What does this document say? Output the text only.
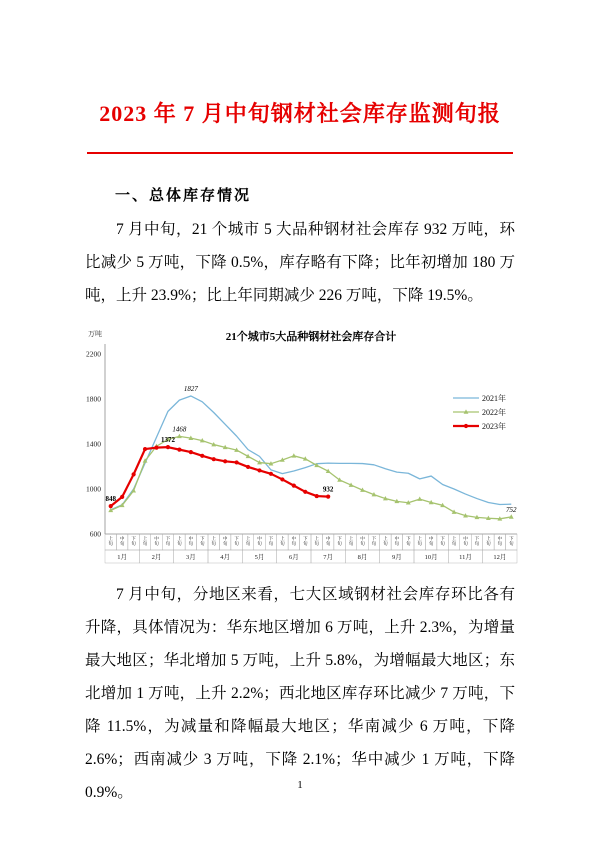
2023 年 7 月中旬钢材社会库存监测旬报
一、总体库存情况

7 月中旬，21 个城市 5 大品种钢材社会库存 932 万吨，环比减少 5 万吨，下降 0.5%，库存略有下降；比年初增加 180 万吨，上升 23.9%；比上年同期减少 226 万吨，下降 19.5%。

21个城市5大品种钢材社会库存合计
万吨
600
1000
1400
1800
2200
上旬
中旬
下旬
1月
上旬
中旬
下旬
2月
上旬
中旬
下旬
3月
上旬
中旬
下旬
4月
上旬
中旬
下旬
5月
上旬
中旬
下旬
6月
上旬
中旬
下旬
7月
上旬
中旬
下旬
8月
上旬
中旬
下旬
9月
上旬
中旬
下旬
10月
上旬
中旬
下旬
11月
上旬
中旬
下旬
12月
848
1372
932
1468
1827
752
2021年
2022年
2023年

7 月中旬，分地区来看，七大区域钢材社会库存环比各有升降，具体情况为：华东地区增加 6 万吨，上升 2.3%，为增量最大地区；华北增加 5 万吨，上升 5.8%，为增幅最大地区；东北增加 1 万吨，上升 2.2%；西北地区库存环比减少 7 万吨，下降 11.5%，为减量和降幅最大地区；华南减少 6 万吨，下降 2.6%；西南减少 3 万吨，下降 2.1%；华中减少 1 万吨，下降 0.9%。	1
